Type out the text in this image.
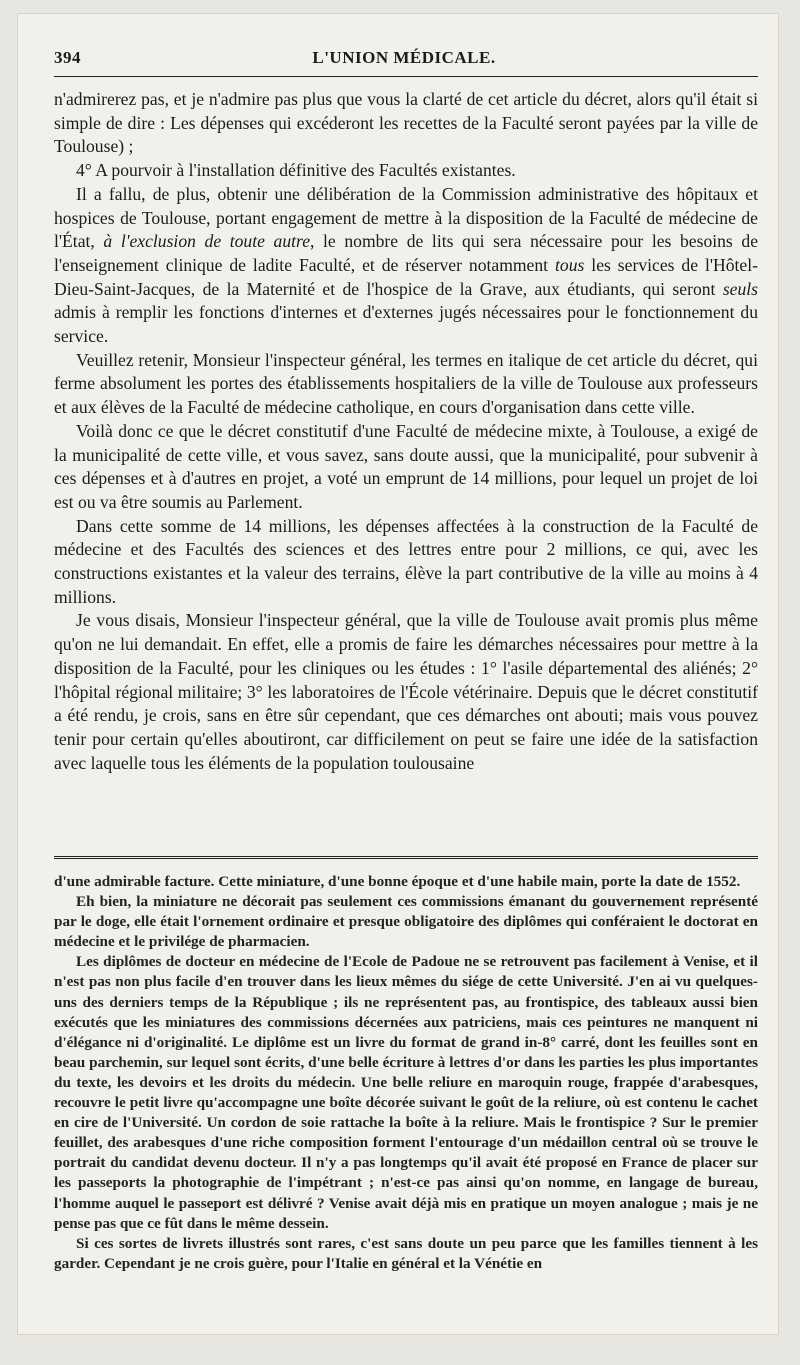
394	L'UNION MÉDICALE.

n'admirerez pas, et je n'admire pas plus que vous la clarté de cet article du décret, alors qu'il était si simple de dire : Les dépenses qui excéderont les recettes de la Faculté seront payées par la ville de Toulouse) ;

4° A pourvoir à l'installation définitive des Facultés existantes.

Il a fallu, de plus, obtenir une délibération de la Commission administrative des hôpitaux et hospices de Toulouse, portant engagement de mettre à la disposition de la Faculté de médecine de l'État, à l'exclusion de toute autre, le nombre de lits qui sera nécessaire pour les besoins de l'enseignement clinique de ladite Faculté, et de réserver notamment tous les services de l'Hôtel-Dieu-Saint-Jacques, de la Maternité et de l'hospice de la Grave, aux étudiants, qui seront seuls admis à remplir les fonctions d'internes et d'externes jugés nécessaires pour le fonctionnement du service.

Veuillez retenir, Monsieur l'inspecteur général, les termes en italique de cet article du décret, qui ferme absolument les portes des établissements hospitaliers de la ville de Toulouse aux professeurs et aux élèves de la Faculté de médecine catholique, en cours d'organisation dans cette ville.

Voilà donc ce que le décret constitutif d'une Faculté de médecine mixte, à Toulouse, a exigé de la municipalité de cette ville, et vous savez, sans doute aussi, que la municipalité, pour subvenir à ces dépenses et à d'autres en projet, a voté un emprunt de 14 millions, pour lequel un projet de loi est ou va être soumis au Parlement.

Dans cette somme de 14 millions, les dépenses affectées à la construction de la Faculté de médecine et des Facultés des sciences et des lettres entre pour 2 millions, ce qui, avec les constructions existantes et la valeur des terrains, élève la part contributive de la ville au moins à 4 millions.

Je vous disais, Monsieur l'inspecteur général, que la ville de Toulouse avait promis plus même qu'on ne lui demandait. En effet, elle a promis de faire les démarches nécessaires pour mettre à la disposition de la Faculté, pour les cliniques ou les études : 1° l'asile départemental des aliénés; 2° l'hôpital régional militaire; 3° les laboratoires de l'École vétérinaire. Depuis que le décret constitutif a été rendu, je crois, sans en être sûr cependant, que ces démarches ont abouti; mais vous pouvez tenir pour certain qu'elles aboutiront, car difficilement on peut se faire une idée de la satisfaction avec laquelle tous les éléments de la population toulousaine

d'une admirable facture. Cette miniature, d'une bonne époque et d'une habile main, porte la date de 1552.

Eh bien, la miniature ne décorait pas seulement ces commissions émanant du gouvernement représenté par le doge, elle était l'ornement ordinaire et presque obligatoire des diplômes qui conféraient le doctorat en médecine et le privilége de pharmacien.

Les diplômes de docteur en médecine de l'Ecole de Padoue ne se retrouvent pas facilement à Venise, et il n'est pas non plus facile d'en trouver dans les lieux mêmes du siége de cette Université. J'en ai vu quelques-uns des derniers temps de la République ; ils ne représentent pas, au frontispice, des tableaux aussi bien exécutés que les miniatures des commissions décernées aux patriciens, mais ces peintures ne manquent ni d'élégance ni d'originalité. Le diplôme est un livre du format de grand in-8° carré, dont les feuilles sont en beau parchemin, sur lequel sont écrits, d'une belle écriture à lettres d'or dans les parties les plus importantes du texte, les devoirs et les droits du médecin. Une belle reliure en maroquin rouge, frappée d'arabesques, recouvre le petit livre qu'accompagne une boîte décorée suivant le goût de la reliure, où est contenu le cachet en cire de l'Université. Un cordon de soie rattache la boîte à la reliure. Mais le frontispice ? Sur le premier feuillet, des arabesques d'une riche composition forment l'entourage d'un médaillon central où se trouve le portrait du candidat devenu docteur. Il n'y a pas longtemps qu'il avait été proposé en France de placer sur les passeports la photographie de l'impétrant ; n'est-ce pas ainsi qu'on nomme, en langage de bureau, l'homme auquel le passeport est délivré ? Venise avait déjà mis en pratique un moyen analogue ; mais je ne pense pas que ce fût dans le même dessein.

Si ces sortes de livrets illustrés sont rares, c'est sans doute un peu parce que les familles tiennent à les garder. Cependant je ne crois guère, pour l'Italie en général et la Vénétie en
